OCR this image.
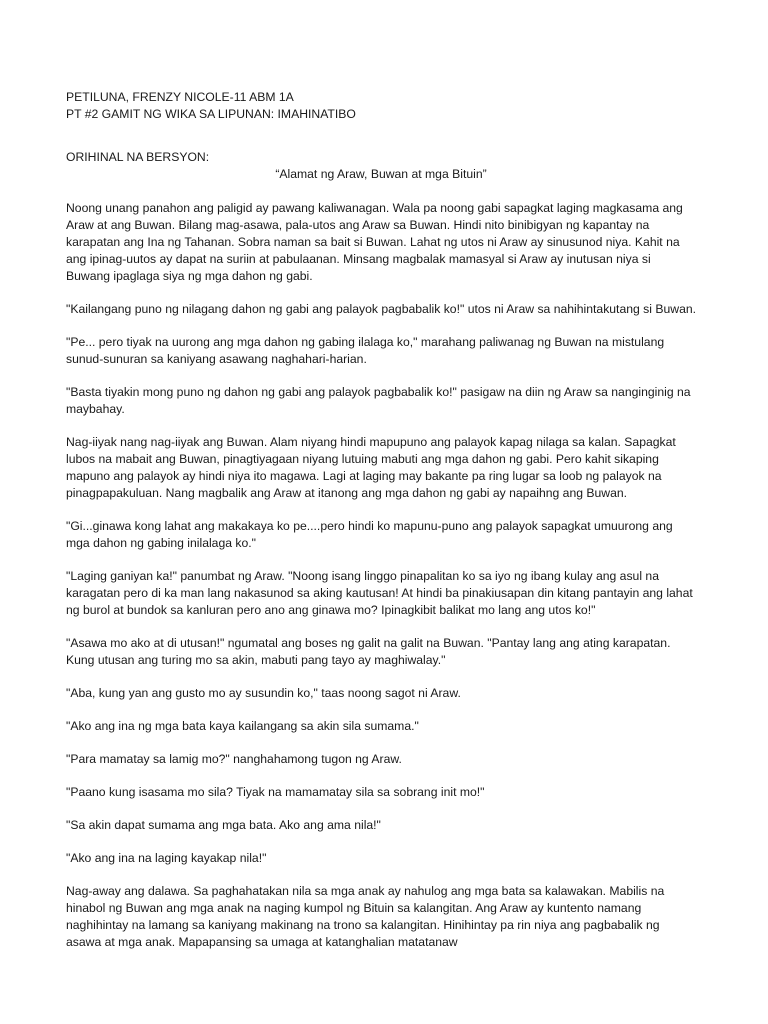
PETILUNA, FRENZY NICOLE-11 ABM 1A
PT #2 GAMIT NG WIKA SA LIPUNAN: IMAHINATIBO
ORIHINAL NA BERSYON:
“Alamat ng Araw, Buwan at mga Bituin”

Noong unang panahon ang paligid ay pawang kaliwanagan. Wala pa noong gabi sapagkat laging magkasama ang Araw at ang Buwan. Bilang mag-asawa, pala-utos ang Araw sa Buwan. Hindi nito binibigyan ng kapantay na karapatan ang Ina ng Tahanan. Sobra naman sa bait si Buwan. Lahat ng utos ni Araw ay sinusunod niya. Kahit na ang ipinag-uutos ay dapat na suriin at pabulaanan. Minsang magbalak mamasyal si Araw ay inutusan niya si Buwang ipaglaga siya ng mga dahon ng gabi.

"Kailangang puno ng nilagang dahon ng gabi ang palayok pagbabalik ko!" utos ni Araw sa nahihintakutang si Buwan.

"Pe... pero tiyak na uurong ang mga dahon ng gabing ilalaga ko," marahang paliwanag ng Buwan na mistulang sunud-sunuran sa kaniyang asawang naghahari-harian.

"Basta tiyakin mong puno ng dahon ng gabi ang palayok pagbabalik ko!" pasigaw na diin ng Araw sa nanginginig na maybahay.

Nag-iiyak nang nag-iiyak ang Buwan. Alam niyang hindi mapupuno ang palayok kapag nilaga sa kalan. Sapagkat lubos na mabait ang Buwan, pinagtiyagaan niyang lutuing mabuti ang mga dahon ng gabi. Pero kahit sikaping mapuno ang palayok ay hindi niya ito magawa. Lagi at laging may bakante pa ring lugar sa loob ng palayok na pinagpapakuluan. Nang magbalik ang Araw at itanong ang mga dahon ng gabi ay napaihng ang Buwan.

"Gi...ginawa kong lahat ang makakaya ko pe....pero hindi ko mapunu-puno ang palayok sapagkat umuurong ang mga dahon ng gabing inilalaga ko."

"Laging ganiyan ka!" panumbat ng Araw. "Noong isang linggo pinapalitan ko sa iyo ng ibang kulay ang asul na karagatan pero di ka man lang nakasunod sa aking kautusan! At hindi ba pinakiusapan din kitang pantayin ang lahat ng burol at bundok sa kanluran pero ano ang ginawa mo? Ipinagkibit balikat mo lang ang utos ko!"

"Asawa mo ako at di utusan!" ngumatal ang boses ng galit na galit na Buwan. "Pantay lang ang ating karapatan. Kung utusan ang turing mo sa akin, mabuti pang tayo ay maghiwalay."

"Aba, kung yan ang gusto mo ay susundin ko," taas noong sagot ni Araw.

"Ako ang ina ng mga bata kaya kailangang sa akin sila sumama."

"Para mamatay sa lamig mo?" nanghahamong tugon ng Araw.

"Paano kung isasama mo sila? Tiyak na mamamatay sila sa sobrang init mo!"

"Sa akin dapat sumama ang mga bata. Ako ang ama nila!"

"Ako ang ina na laging kayakap nila!"

Nag-away ang dalawa. Sa paghahatakan nila sa mga anak ay nahulog ang mga bata sa kalawakan. Mabilis na hinabol ng Buwan ang mga anak na naging kumpol ng Bituin sa kalangitan. Ang Araw ay kuntento namang naghihintay na lamang sa kaniyang makinang na trono sa kalangitan. Hinihintay pa rin niya ang pagbabalik ng asawa at mga anak. Mapapansing sa umaga at katanghalian matatanaw
